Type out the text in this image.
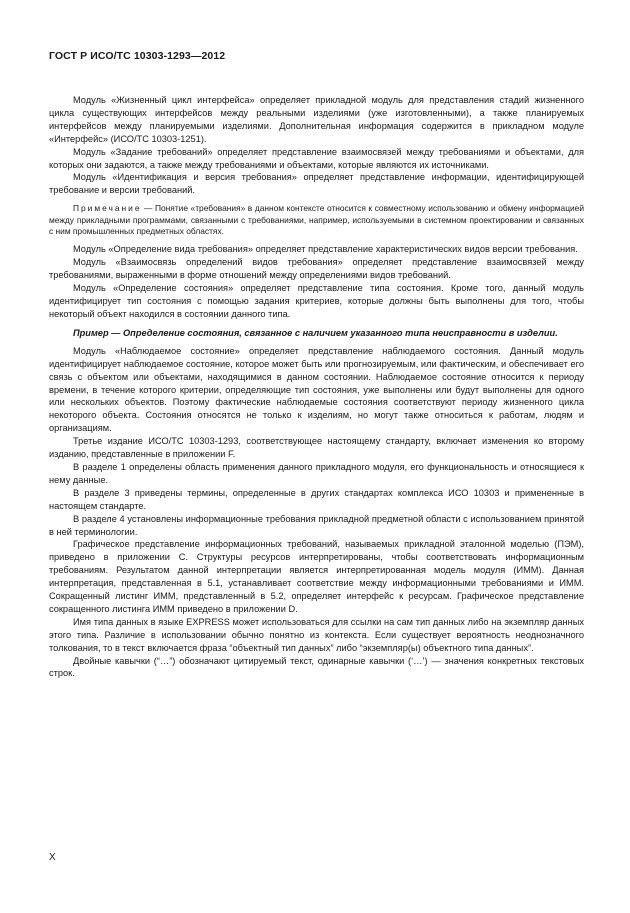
ГОСТ Р ИСО/ТС 10303-1293—2012

Модуль «Жизненный цикл интерфейса» определяет прикладной модуль для представления стадий жизненного цикла существующих интерфейсов между реальными изделиями (уже изготовленными), а также планируемых интерфейсов между планируемыми изделиями. Дополнительная информация содержится в прикладном модуле «Интерфейс» (ИСО/ТС 10303-1251).

Модуль «Задание требований» определяет представление взаимосвязей между требованиями и объектами, для которых они задаются, а также между требованиями и объектами, которые являются их источниками.

Модуль «Идентификация и версия требования» определяет представление информации, идентифицирующей требование и версии требований.

Примечание — Понятие «требования» в данном контексте относится к совместному использованию и обмену информацией между прикладными программами, связанными с требованиями, например, используемыми в системном проектировании и связанных с ним промышленных предметных областях.

Модуль «Определение вида требования» определяет представление характеристических видов версии требования.

Модуль «Взаимосвязь определений видов требования» определяет представление взаимосвязей между требованиями, выраженными в форме отношений между определениями видов требований.

Модуль «Определение состояния» определяет представление типа состояния. Кроме того, данный модуль идентифицирует тип состояния с помощью задания критериев, которые должны быть выполнены для того, чтобы некоторый объект находился в состоянии данного типа.

Пример — Определение состояния, связанное с наличием указанного типа неисправности в изделии.

Модуль «Наблюдаемое состояние» определяет представление наблюдаемого состояния. Данный модуль идентифицирует наблюдаемое состояние, которое может быть или прогнозируемым, или фактическим, и обеспечивает его связь с объектом или объектами, находящимися в данном состоянии. Наблюдаемое состояние относится к периоду времени, в течение которого критерии, определяющие тип состояния, уже выполнены или будут выполнены для одного или нескольких объектов. Поэтому фактические наблюдаемые состояния соответствуют периоду жизненного цикла некоторого объекта. Состояния относятся не только к изделиям, но могут также относиться к работам, людям и организациям.

Третье издание ИСО/ТС 10303-1293, соответствующее настоящему стандарту, включает изменения ко второму изданию, представленные в приложении F.

В разделе 1 определены область применения данного прикладного модуля, его функциональность и относящиеся к нему данные.

В разделе 3 приведены термины, определенные в других стандартах комплекса ИСО 10303 и примененные в настоящем стандарте.

В разделе 4 установлены информационные требования прикладной предметной области с использованием принятой в ней терминологии.

Графическое представление информационных требований, называемых прикладной эталонной моделью (ПЭМ), приведено в приложении С. Структуры ресурсов интерпретированы, чтобы соответствовать информационным требованиям. Результатом данной интерпретации является интерпретированная модель модуля (ИММ). Данная интерпретация, представленная в 5.1, устанавливает соответствие между информационными требованиями и ИММ. Сокращенный листинг ИММ, представленный в 5.2, определяет интерфейс к ресурсам. Графическое представление сокращенного листинга ИММ приведено в приложении D.

Имя типа данных в языке EXPRESS может использоваться для ссылки на сам тип данных либо на экземпляр данных этого типа. Различие в использовании обычно понятно из контекста. Если существует вероятность неоднозначного толкования, то в текст включается фраза “объектный тип данных” либо “экземпляр(ы) объектного типа данных”.

Двойные кавычки (“…”) обозначают цитируемый текст, одинарные кавычки (‘…’) — значения конкретных текстовых строк.

X
